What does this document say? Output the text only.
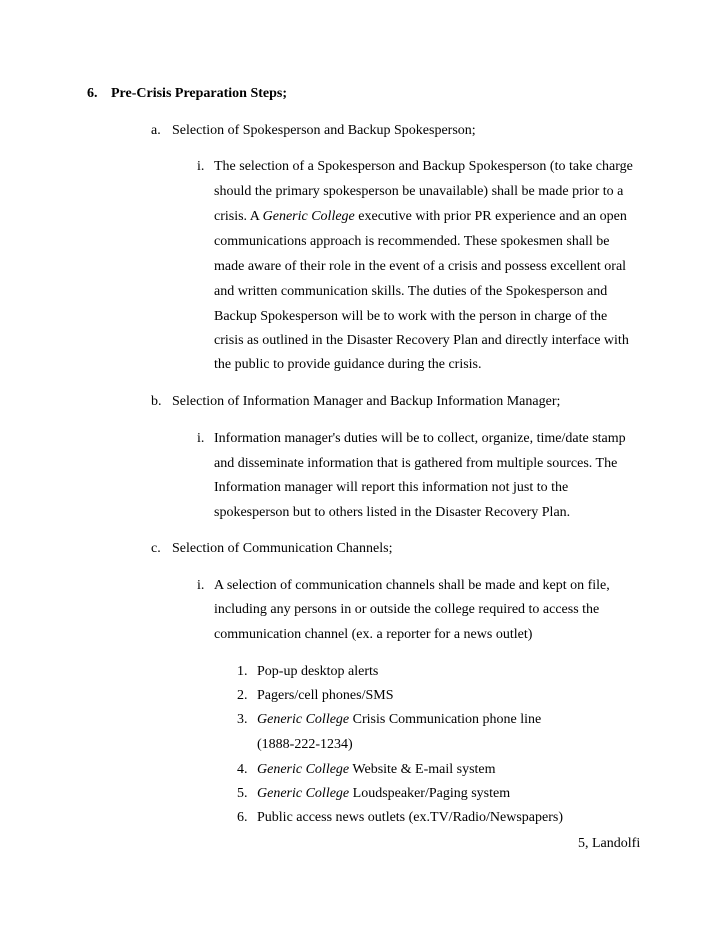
6. Pre-Crisis Preparation Steps;
a. Selection of Spokesperson and Backup Spokesperson;
i. The selection of a Spokesperson and Backup Spokesperson (to take charge
should the primary spokesperson be unavailable) shall be made prior to a
crisis. A Generic College executive with prior PR experience and an open
communications approach is recommended. These spokesmen shall be
made aware of their role in the event of a crisis and possess excellent oral
and written communication skills. The duties of the Spokesperson and
Backup Spokesperson will be to work with the person in charge of the
crisis as outlined in the Disaster Recovery Plan and directly interface with
the public to provide guidance during the crisis.
b. Selection of Information Manager and Backup Information Manager;
i. Information manager's duties will be to collect, organize, time/date stamp
and disseminate information that is gathered from multiple sources. The
Information manager will report this information not just to the
spokesperson but to others listed in the Disaster Recovery Plan.
c. Selection of Communication Channels;
i. A selection of communication channels shall be made and kept on file,
including any persons in or outside the college required to access the
communication channel (ex. a reporter for a news outlet)
1. Pop-up desktop alerts
2. Pagers/cell phones/SMS
3. Generic College Crisis Communication phone line
(1888-222-1234)
4. Generic College Website & E-mail system
5. Generic College Loudspeaker/Paging system
6. Public access news outlets (ex.TV/Radio/Newspapers)
5, Landolfi
